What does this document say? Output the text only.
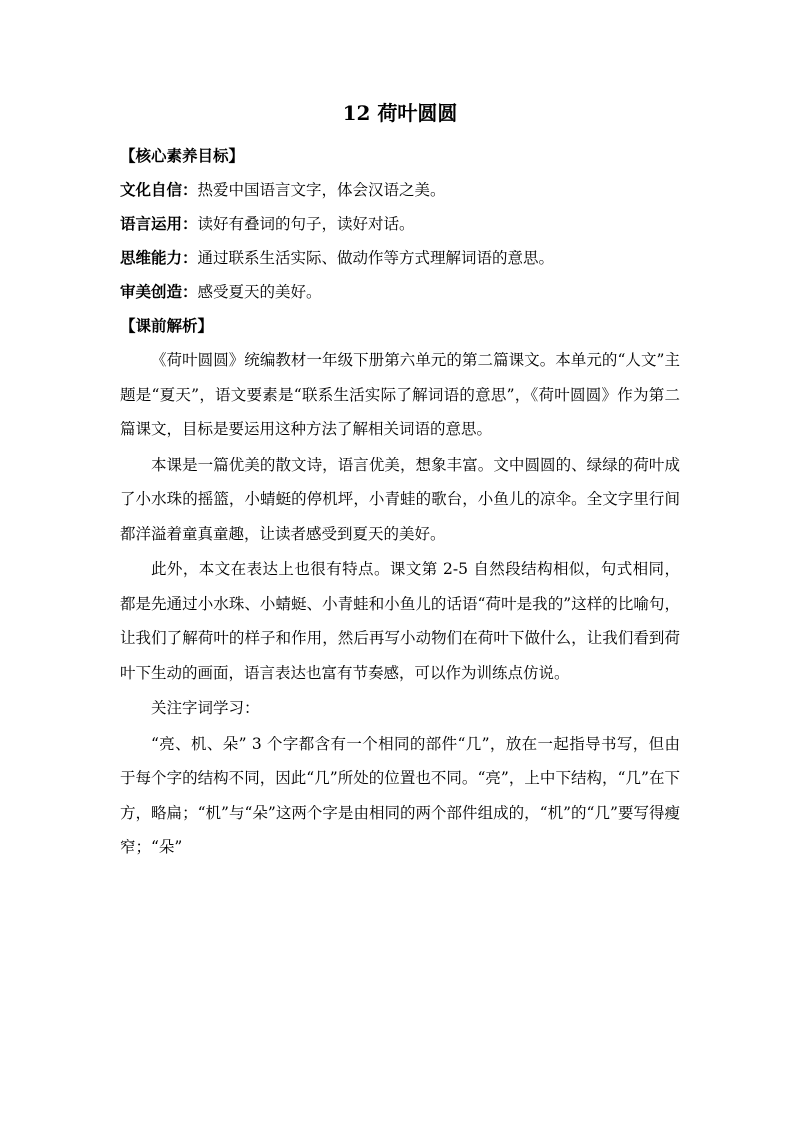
12 荷叶圆圆

【核心素养目标】

文化自信：热爱中国语言文字，体会汉语之美。

语言运用：读好有叠词的句子，读好对话。

思维能力：通过联系生活实际、做动作等方式理解词语的意思。

审美创造：感受夏天的美好。

【课前解析】

《荷叶圆圆》统编教材一年级下册第六单元的第二篇课文。本单元的“人文”主题是“夏天”，语文要素是“联系生活实际了解词语的意思”，《荷叶圆圆》作为第二篇课文，目标是要运用这种方法了解相关词语的意思。

本课是一篇优美的散文诗，语言优美，想象丰富。文中圆圆的、绿绿的荷叶成了小水珠的摇篮，小蜻蜓的停机坪，小青蛙的歌台，小鱼儿的凉伞。全文字里行间都洋溢着童真童趣，让读者感受到夏天的美好。

此外，本文在表达上也很有特点。课文第 2-5 自然段结构相似，句式相同，都是先通过小水珠、小蜻蜓、小青蛙和小鱼儿的话语“荷叶是我的”这样的比喻句，让我们了解荷叶的样子和作用，然后再写小动物们在荷叶下做什么，让我们看到荷叶下生动的画面，语言表达也富有节奏感，可以作为训练点仿说。

关注字词学习：

“亮、机、朵” 3 个字都含有一个相同的部件“几”，放在一起指导书写，但由于每个字的结构不同，因此“几”所处的位置也不同。“亮”，上中下结构，“几”在下方，略扁；“机”与“朵”这两个字是由相同的两个部件组成的，“机”的“几”要写得瘦窄；“朵”
